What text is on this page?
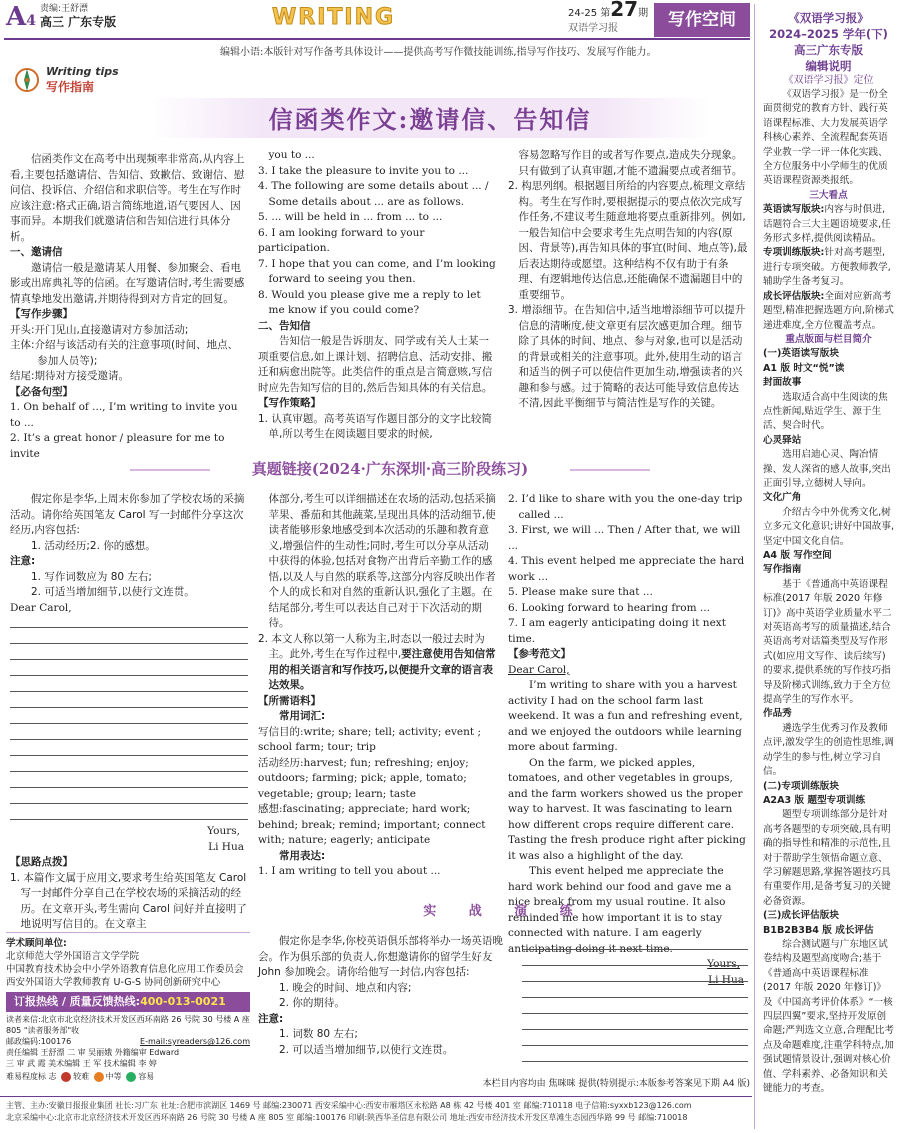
A4
责编:王舒漂
高三 广东专版	WRITING	24-25 第27期
双语学习报	写作空间
编辑小语:本版针对写作备考具体设计——提供高考写作微技能训练,指导写作技巧、发展写作能力。
Writing tips
写作指南
信函类作文:邀请信、告知信

信函类作文在高考中出现频率非常高,从内容上看,主要包括邀请信、告知信、致歉信、致谢信、慰问信、投诉信、介绍信和求职信等。考生在写作时应该注意:格式正确,语言简练地道,语气要因人、因事而异。本期我们就邀请信和告知信进行具体分析。

一、邀请信

邀请信一般是邀请某人用餐、参加聚会、看电影或出席典礼等的信函。在写邀请信时,考生需要感情真挚地发出邀请,并期待得到对方肯定的回复。

【写作步骤】

开头:开门见山,直接邀请对方参加活动;

主体:介绍与该活动有关的注意事项(时间、地点、参加人员等);

结尾:期待对方接受邀请。

【必备句型】

1. On behalf of ..., I’m writing to invite you to ...

2. It’s a great honor / pleasure for me to invite

you to ...

3. I take the pleasure to invite you to ...

4. The following are some details about ... / Some details about ... are as follows.

5. ... will be held in ... from ... to ...

6. I am looking forward to your participation.

7. I hope that you can come, and I’m looking forward to seeing you then.

8. Would you please give me a reply to let me know if you could come?

二、告知信

告知信一般是告诉朋友、同学或有关人士某一项重要信息,如上课计划、招聘信息、活动安排、搬迁和病愈出院等。此类信件的重点是言简意赅,写信时应先告知写信的目的,然后告知具体的有关信息。

【写作策略】

1. 认真审题。高考英语写作题目部分的文字比较简单,所以考生在阅读题目要求的时候,

容易忽略写作目的或者写作要点,造成失分现象。只有做到了认真审题,才能不遗漏要点或者细节。

2. 构思列纲。根据题目所给的内容要点,梳理文章结构。考生在写作时,要根据提示的要点依次完成写作任务,不建议考生随意地将要点重新排列。例如,一般告知信中会要求考生先点明告知的内容(原因、背景等),再告知具体的事宜(时间、地点等),最后表达期待或愿望。这种结构不仅有助于有条理、有逻辑地传达信息,还能确保不遗漏题目中的重要细节。

3. 增添细节。在告知信中,适当地增添细节可以提升信息的清晰度,使文章更有层次感更加合理。细节除了具体的时间、地点、参与对象,也可以是活动的背景或相关的注意事项。此外,使用生动的语言和适当的例子可以使信件更加生动,增强读者的兴趣和参与感。过于简略的表达可能导致信息传达不清,因此平衡细节与简洁性是写作的关键。

真题链接(2024·广东深圳·高三阶段练习)

假定你是李华,上周末你参加了学校农场的采摘活动。请你给英国笔友 Carol 写一封邮件分享这次经历,内容包括:

1. 活动经历;2. 你的感想。

注意:

1. 写作词数应为 80 左右;

2. 可适当增加细节,以使行文连贯。

Dear Carol,

Yours,

Li Hua

【思路点拨】

1. 本篇作文属于应用文,要求考生给英国笔友 Carol 写一封邮件分享自己在学校农场的采摘活动的经历。在文章开头,考生需向 Carol 问好并直接明了地说明写信目的。在文章主

体部分,考生可以详细描述在农场的活动,包括采摘苹果、番茄和其他蔬菜,呈现出具体的活动细节,使读者能够形象地感受到本次活动的乐趣和教育意义,增强信件的生动性;同时,考生可以分享从活动中获得的体验,包括对食物产出背后辛勤工作的感悟,以及人与自然的联系等,这部分内容反映出作者个人的成长和对自然的重新认识,强化了主题。在结尾部分,考生可以表达自己对于下次活动的期待。

2. 本文人称以第一人称为主,时态以一般过去时为主。此外,考生在写作过程中,要注意使用告知信常用的相关语言和写作技巧,以便提升文章的语言表达效果。

【所需语料】

常用词汇:

写信目的:write; share; tell; activity; event ; school farm; tour; trip

活动经历:harvest; fun; refreshing; enjoy; outdoors; farming; pick; apple, tomato; vegetable; group; learn; taste

感想:fascinating; appreciate; hard work; behind; break; remind; important; connect with; nature; eagerly; anticipate

常用表达:

1. I am writing to tell you about ...

2. I’d like to share with you the one-day trip called ...

3. First, we will ... Then / After that, we will ...

4. This event helped me appreciate the hard work ...

5. Please make sure that ...

6. Looking forward to hearing from ...

7. I am eagerly anticipating doing it next time.

【参考范文】

Dear Carol,

I’m writing to share with you a harvest activity I had on the school farm last weekend. It was a fun and refreshing event, and we enjoyed the outdoors while learning more about farming.

On the farm, we picked apples, tomatoes, and other vegetables in groups, and the farm workers showed us the proper way to harvest. It was fascinating to learn how different crops require different care. Tasting the fresh produce right after picking it was also a highlight of the day.

This event helped me appreciate the hard work behind our food and gave me a nice break from my usual routine. It also reminded me how important it is to stay connected with nature. I am eagerly anticipating doing it next time.

Yours,

Li Hua

实 战 演 练

假定你是李华,你校英语俱乐部将举办一场英语晚会。作为俱乐部的负责人,你想邀请你的留学生好友 John 参加晚会。请你给他写一封信,内容包括:

1. 晚会的时间、地点和内容;

2. 你的期待。

注意:

1. 词数 80 左右;

2. 可以适当增加细节,以使行文连贯。

本栏目内容均由 焦咪咪 提供(特别提示:本版参考答案见下期 A4 版)
学术顾问单位:
北京师范大学外国语言文学学院
中国教育技术协会中小学外语教育信息化应用工作委员会
西安外国语大学教师教育 U-G-S 协同创新研究中心
订报热线 / 质量反馈热线:400-013-0021
读者来信:北京市北京经济技术开发区西环南路 26 号院 30 号楼 A 座 805 "读者服务部"收
邮政编码:100176	E-mail:syreaders@126.com
责任编辑 王舒漂 二 审 吴丽娥 外籍编审 Edward
三 审 武 霞 美术编辑 王 军 技术编辑 李 婷
难易程度标 志 较难 中等 容易
主管、主办:安徽日报报业集团 社长:习广东 社址:合肥市滨湖区 1469 号 邮编:230071 西安采编中心:西安市雁塔区永松路 A8 栋 42 号楼 401 室 邮编:710118 电子信箱:syxxb123@126.com
北京采编中心:北京市北京经济技术开发区西环南路 26 号院 30 号楼 A 座 805 室 邮编:100176 印刷:陕西华圣信息有限公司 地址:西安市经济技术开发区草滩生态园西华路 99 号 邮编:710018
《双语学习报》
2024–2025 学年(下)
高三广东专版
编辑说明
《双语学习报》定位

《双语学习报》是一份全面贯彻党的教育方针、践行英语课程标准、大力发展英语学科核心素养、全流程配套英语学业教一学一评一体化实践、全方位服务中小学师生的优质英语课程资源类报纸。

三大看点

英语读写版块:内容与时俱进,话题符合三大主题语境要求,任务形式多样,提供阅读精品。

专项训练版块:针对高考题型,进行专项突破。方便教师教学,辅助学生备考复习。

成长评估版块:全面对应新高考题型,精准把握选题方向,阶梯式递进难度,全方位覆盖考点。

重点版面与栏目简介

(一)英语读写版块

A1 版 时文“悦”读

封面故事

选取适合高中生阅读的焦点性新闻,贴近学生、源于生活、契合时代。

心灵驿站

选用启迪心灵、陶冶情操、发人深省的感人故事,突出正面引导,立德树人导向。

文化广角

介绍古今中外优秀文化,树立多元文化意识;讲好中国故事,坚定中国文化自信。

A4 版 写作空间

写作指南

基于《普通高中英语课程标准(2017 年版 2020 年修订)》高中英语学业质量水平二对英语高考写的质量描述,结合英语高考对话篇类型及写作形式(如应用文写作、读后续写)的要求,提供系统的写作技巧指导及阶梯式训练,致力于全方位提高学生的写作水平。

作品秀

遴选学生优秀习作及教师点评,激发学生的创造性思维,调动学生的参与性,树立学习自信。

(二)专项训练版块

A2A3 版 题型专项训练

题型专项训练部分是针对高考各题型的专项突破,具有明确的指导性和精准的示范性,且对于帮助学生领悟命题立意、学习解题思路,掌握答题技巧具有重要作用,是备考复习的关键必备资源。

(三)成长评估版块

B1B2B3B4 版 成长评估

综合测试题与广东地区试卷结构及题型高度吻合;基于《普通高中英语课程标准(2017 年版 2020 年修订)》及《中国高考评价体系》“一核四层四翼”要求,坚持开发原创命题;严判选文立意,合理配比考点及命题难度,注重学科特点,加强试题情景设计,强调对核心价值、学科素养、必备知识和关键能力的考查。
